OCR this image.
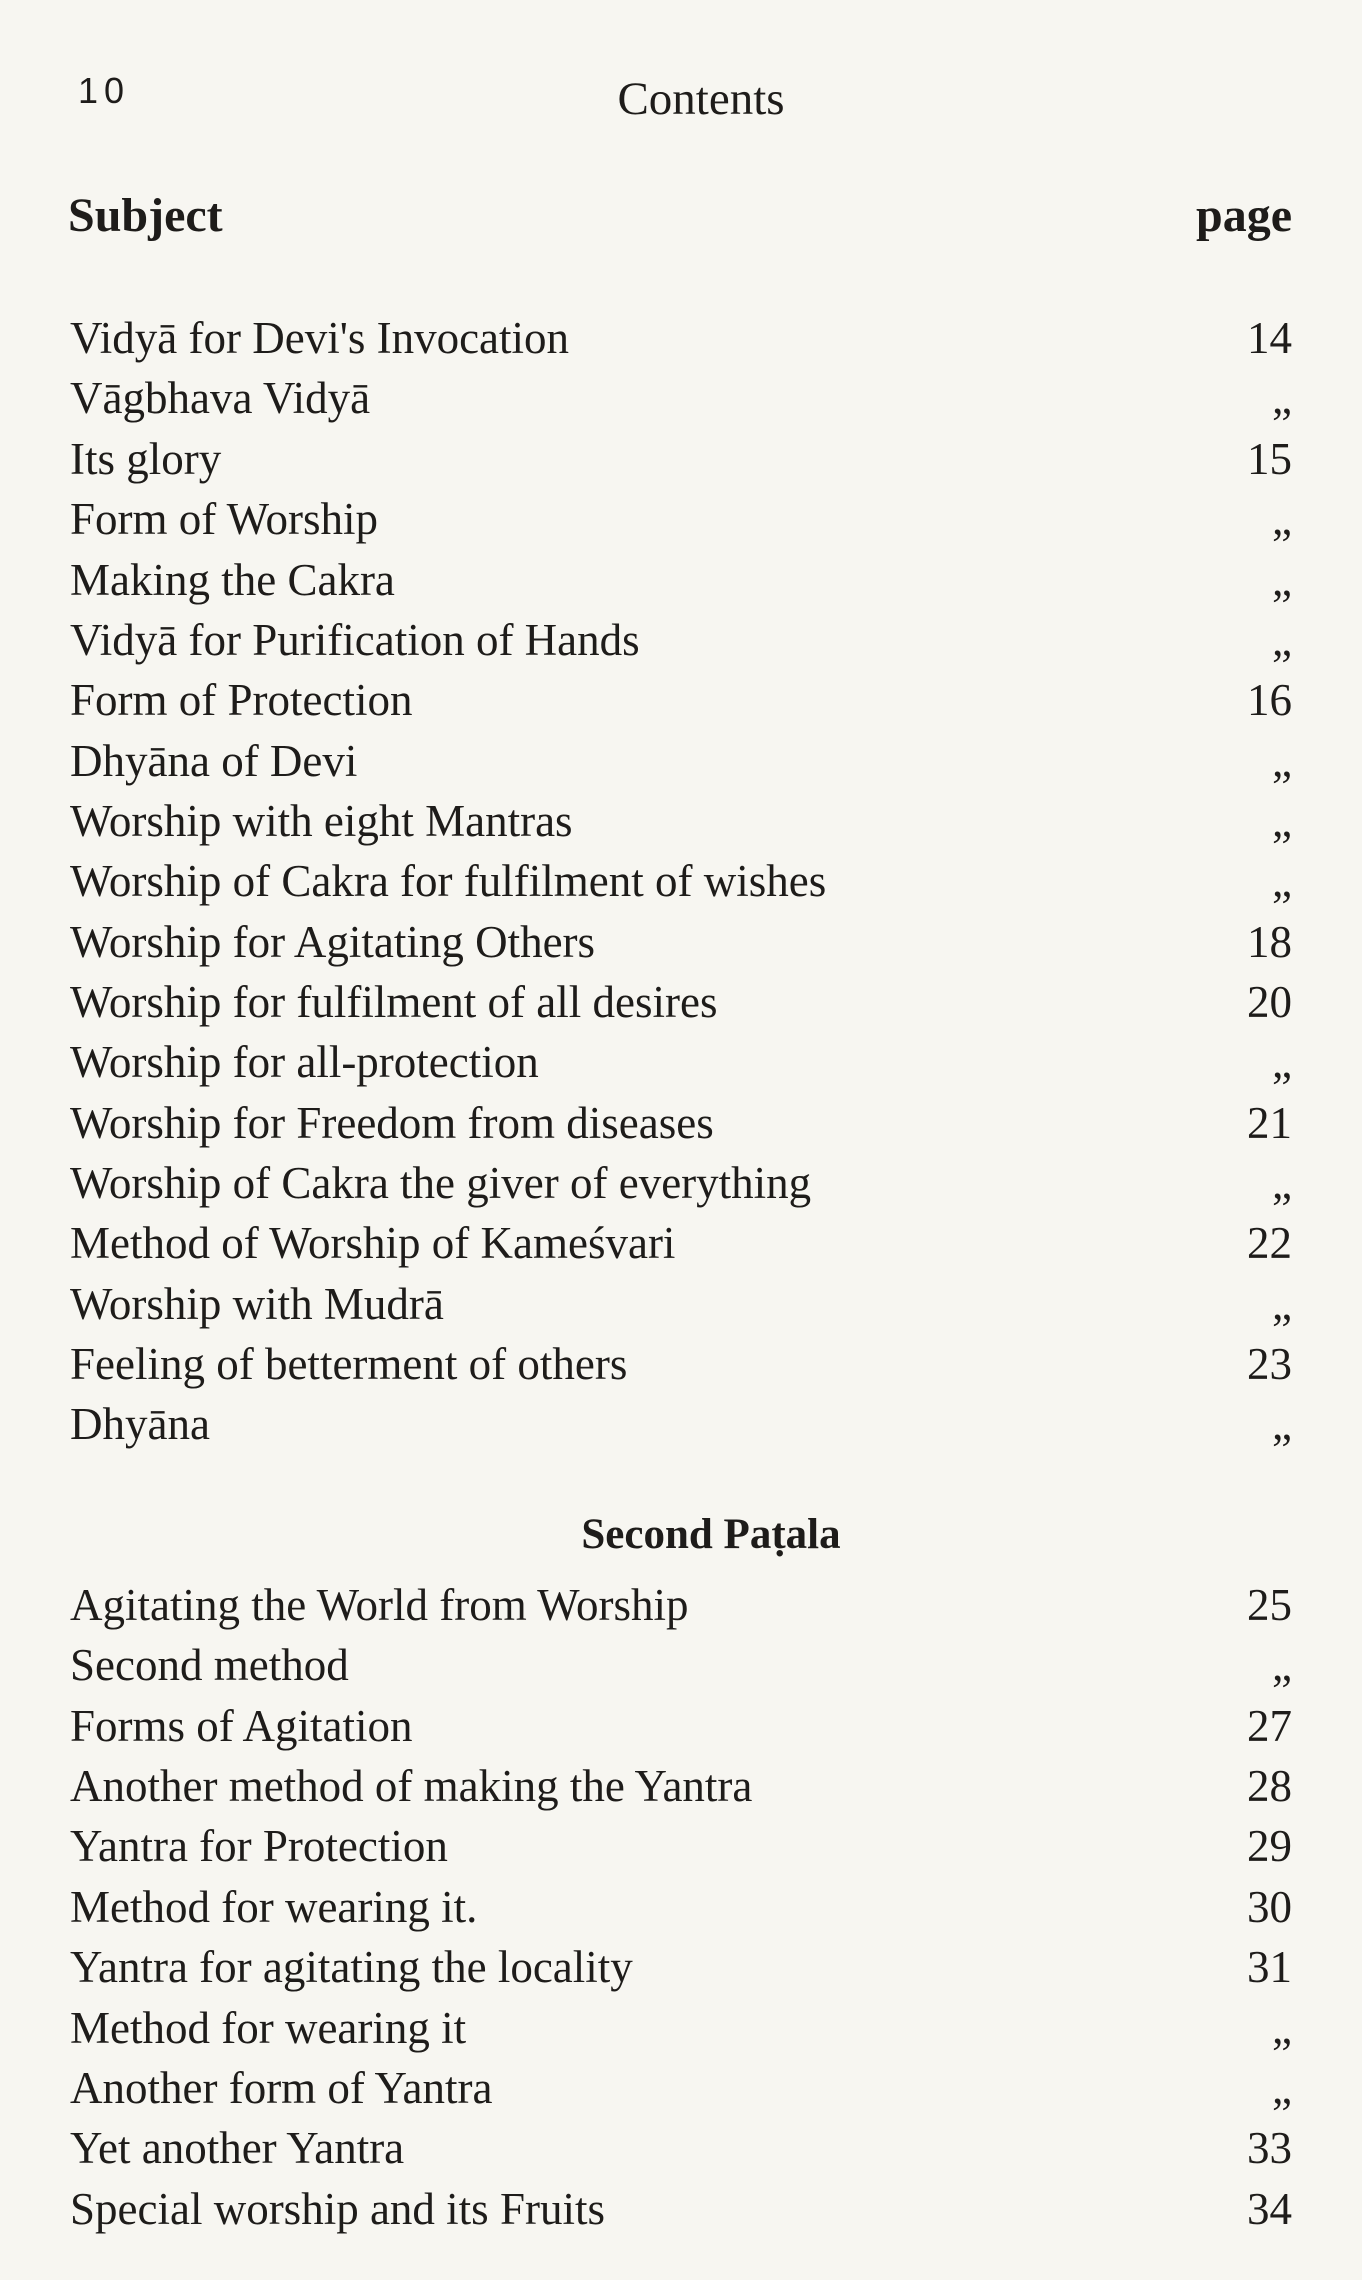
10	Contents
Subject	page
Second Paṭala
Vidyā for Devi's Invocation	14
Vāgbhava Vidyā	„
Its glory	15
Form of Worship	„
Making the Cakra	„
Vidyā for Purification of Hands	„
Form of Protection	16
Dhyāna of Devi	„
Worship with eight Mantras	„
Worship of Cakra for fulfilment of wishes	„
Worship for Agitating Others	18
Worship for fulfilment of all desires	20
Worship for all-protection	„
Worship for Freedom from diseases	21
Worship of Cakra the giver of everything	„
Method of Worship of Kameśvari	22
Worship with Mudrā	„
Feeling of betterment of others	23
Dhyāna	„
Agitating the World from Worship	25
Second method	„
Forms of Agitation	27
Another method of making the Yantra	28
Yantra for Protection	29
Method for wearing it.	30
Yantra for agitating the locality	31
Method for wearing it	„
Another form of Yantra	„
Yet another Yantra	33
Special worship and its Fruits	34
